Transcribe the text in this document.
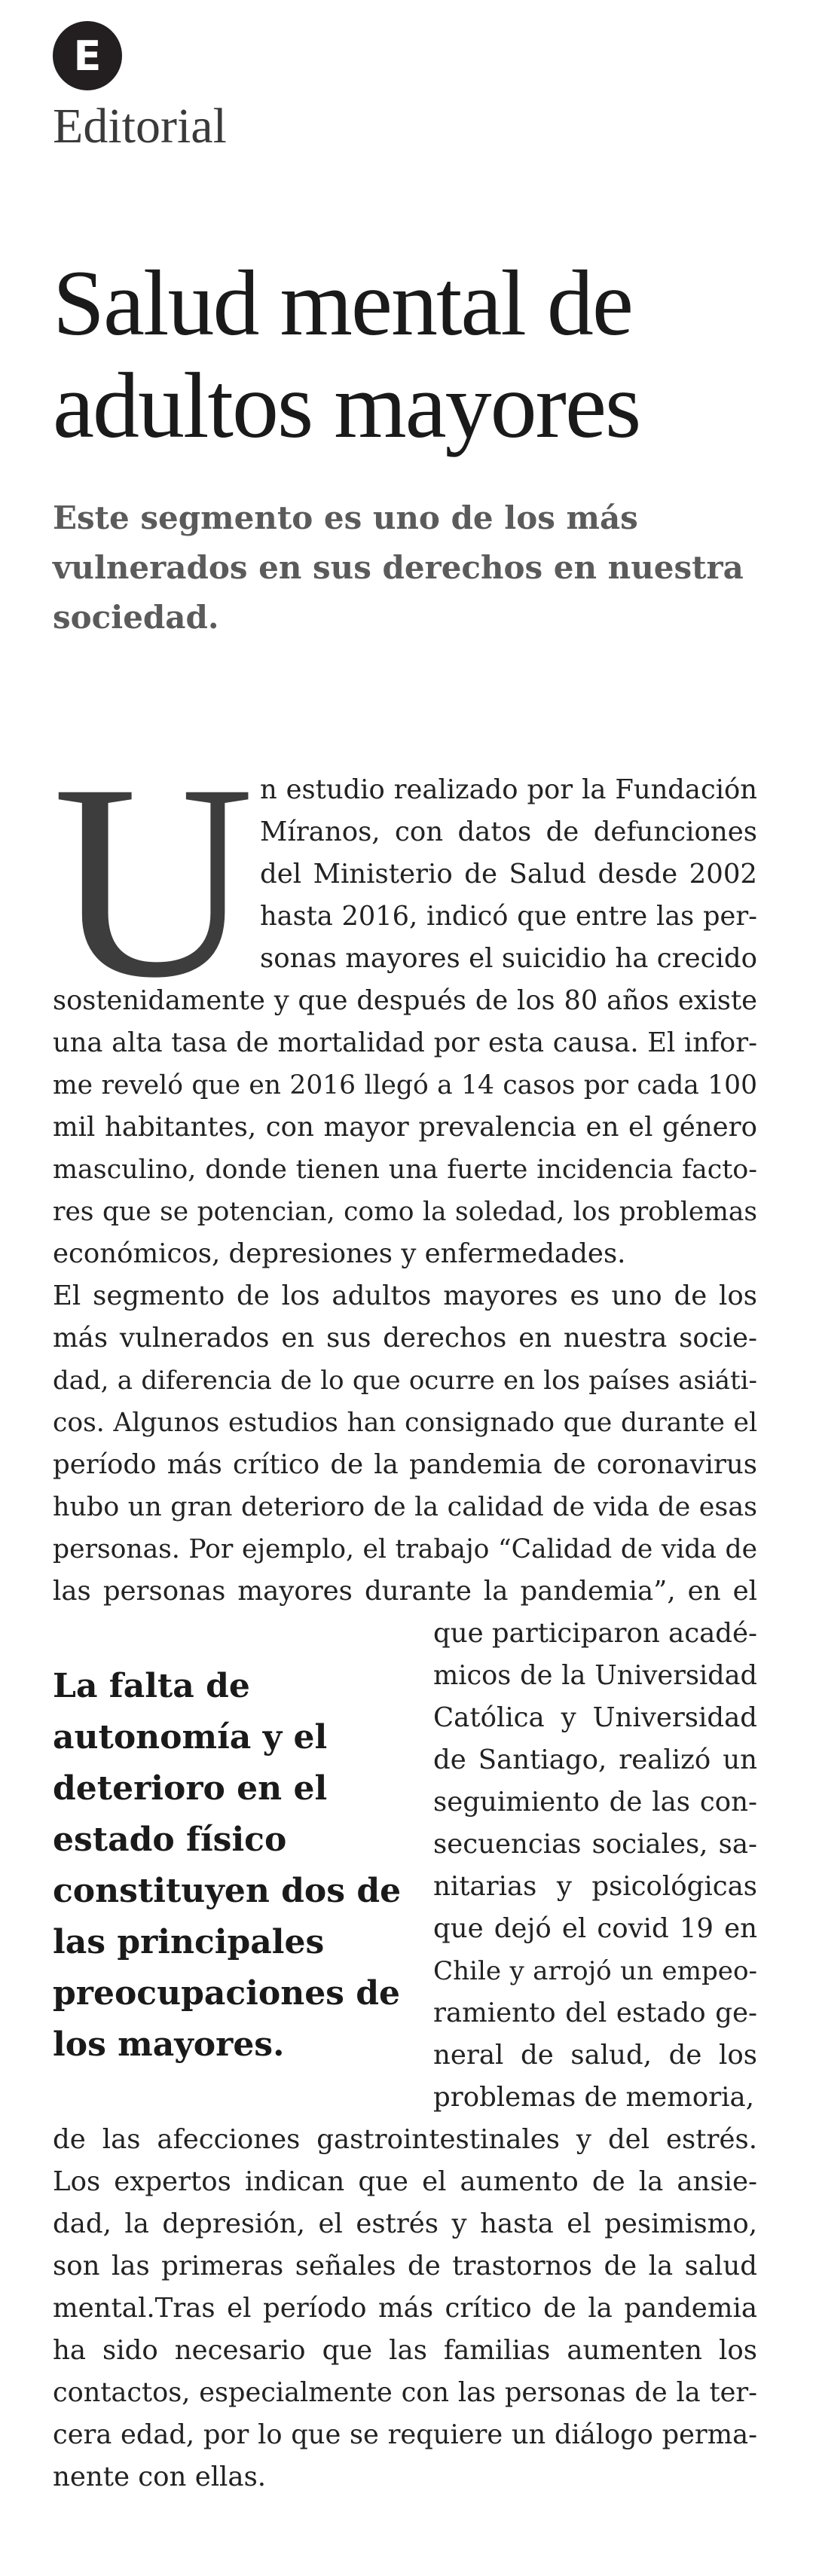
E
Editorial
Salud mental de
adultos mayores
Este segmento es uno de los más
vulnerados en sus derechos en nuestra
sociedad.
U n estudio realizado por la Fundación
Míranos, con datos de defunciones
del Ministerio de Salud desde 2002
hasta 2016, indicó que entre las per-
sonas mayores el suicidio ha crecido
sostenidamente y que después de los 80 años existe
una alta tasa de mortalidad por esta causa. El infor-
me reveló que en 2016 llegó a 14 casos por cada 100
mil habitantes, con mayor prevalencia en el género
masculino, donde tienen una fuerte incidencia facto-
res que se potencian, como la soledad, los problemas
económicos, depresiones y enfermedades.
El segmento de los adultos mayores es uno de los
más vulnerados en sus derechos en nuestra socie-
dad, a diferencia de lo que ocurre en los países asiáti-
cos. Algunos estudios han consignado que durante el
período más crítico de la pandemia de coronavirus
hubo un gran deterioro de la calidad de vida de esas
personas. Por ejemplo, el trabajo “Calidad de vida de
las personas mayores durante la pandemia”, en el
que participaron acadé-
micos de la Universidad
Católica y Universidad
de Santiago, realizó un
seguimiento de las con-
secuencias sociales, sa-
nitarias y psicológicas
que dejó el covid 19 en
Chile y arrojó un empeo-
ramiento del estado ge-
neral de salud, de los
problemas de memoria,
de las afecciones gastrointestinales y del estrés.
Los expertos indican que el aumento de la ansie-
dad, la depresión, el estrés y hasta el pesimismo,
son las primeras señales de trastornos de la salud
mental.Tras el período más crítico de la pandemia
ha sido necesario que las familias aumenten los
contactos, especialmente con las personas de la ter-
cera edad, por lo que se requiere un diálogo perma-
nente con ellas.
La falta de
autonomía y el
deterioro en el
estado físico
constituyen dos de
las principales
preocupaciones de
los mayores.
